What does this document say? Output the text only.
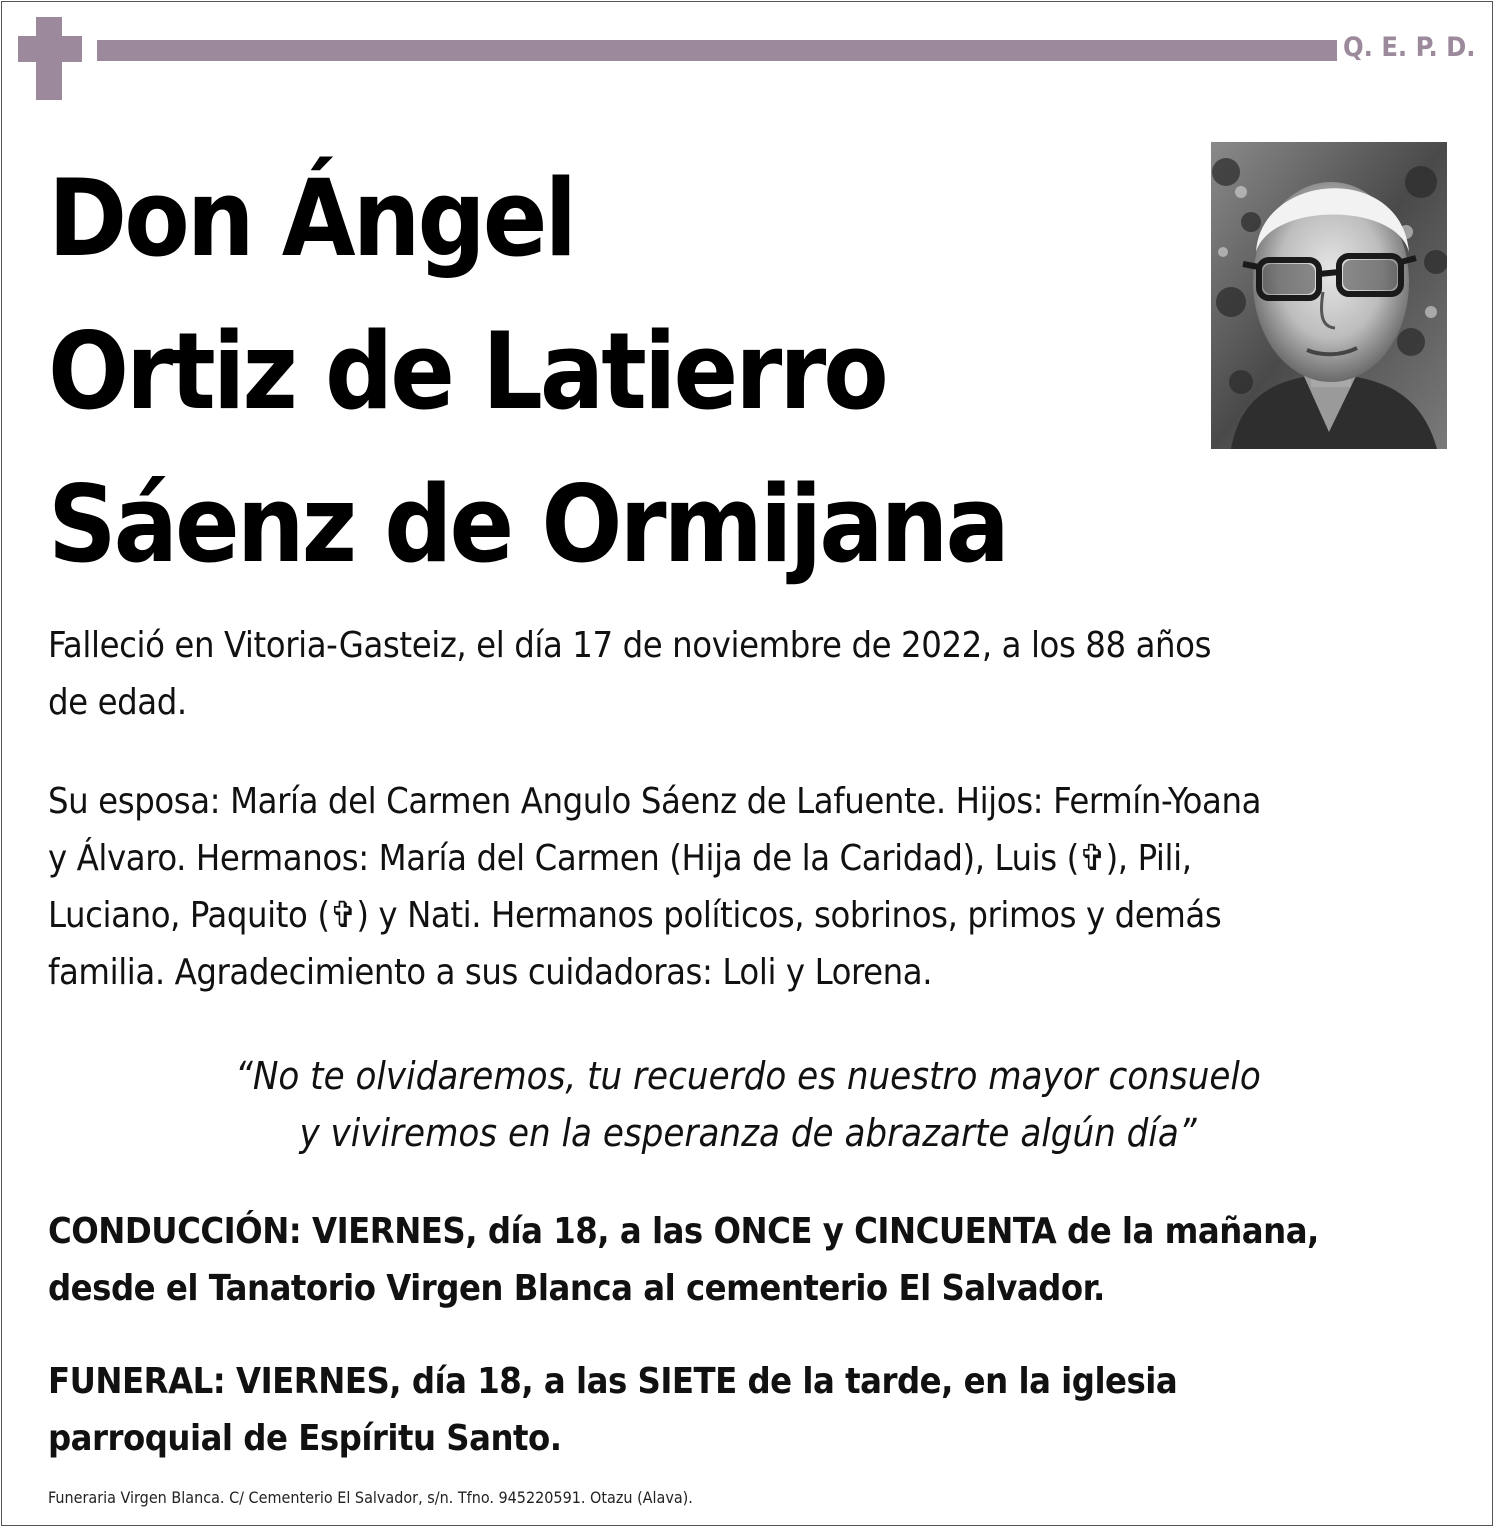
Q. E. P. D.
Don Ángel
Ortiz de Latierro
Sáenz de Ormijana

Falleció en Vitoria-Gasteiz, el día 17 de noviembre de 2022, a los 88 años
de edad.

Su esposa: María del Carmen Angulo Sáenz de Lafuente. Hijos: Fermín-Yoana
y Álvaro. Hermanos: María del Carmen (Hija de la Caridad), Luis (✞), Pili,
Luciano, Paquito (✞) y Nati. Hermanos políticos, sobrinos, primos y demás
familia. Agradecimiento a sus cuidadoras: Loli y Lorena.

“No te olvidaremos, tu recuerdo es nuestro mayor consuelo
y viviremos en la esperanza de abrazarte algún día”

CONDUCCIÓN: VIERNES, día 18, a las ONCE y CINCUENTA de la mañana,
desde el Tanatorio Virgen Blanca al cementerio El Salvador.

FUNERAL: VIERNES, día 18, a las SIETE de la tarde, en la iglesia
parroquial de Espíritu Santo.

Funeraria Virgen Blanca. C/ Cementerio El Salvador, s/n. Tfno. 945220591. Otazu (Alava).
